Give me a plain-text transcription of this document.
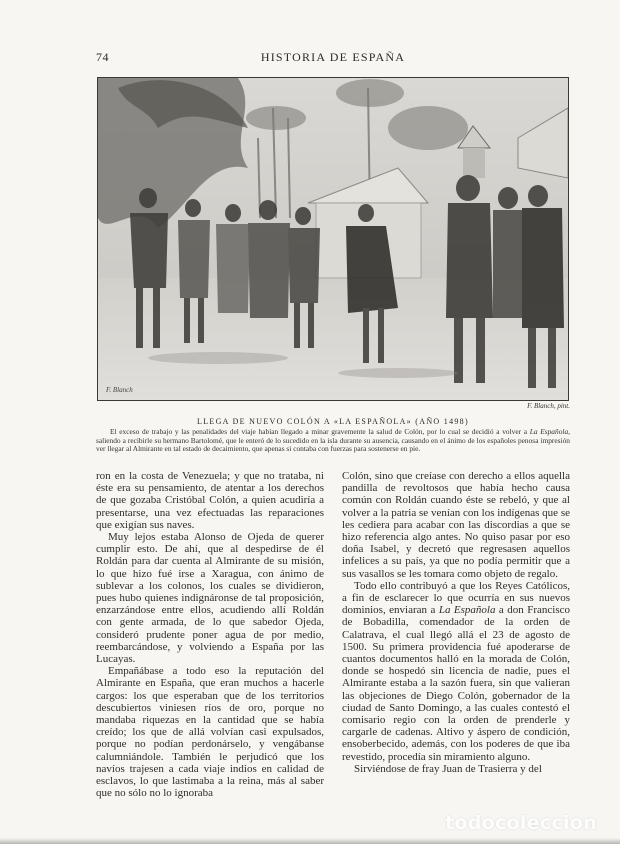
74	HISTORIA DE ESPAÑA
F. Blanch
F. Blanch, pint.
LLEGA DE NUEVO COLÓN A «LA ESPAÑOLA» (AÑO 1498)
El exceso de trabajo y las penalidades del viaje habían llegado a minar gravemente la salud de Colón, por lo cual se decidió a volver a La Española, saliendo a recibirle su hermano Bartolomé, que le enteró de lo sucedido en la isla durante su ausencia, causando en el ánimo de los españoles penosa impresión ver llegar al Almirante en tal estado de decaimiento, que apenas si contaba con fuerzas para sostenerse en pie.

ron en la costa de Venezuela; y que no trataba, ni éste era su pensamiento, de atentar a los derechos de que gozaba Cristóbal Colón, a quien acudiría a presentarse, una vez efectuadas las reparaciones que exigían sus naves.

Muy lejos estaba Alonso de Ojeda de querer cumplir esto. De ahí, que al despedirse de él Roldán para dar cuenta al Almirante de su misión, lo que hizo fué irse a Xaragua, con ánimo de sublevar a los colonos, los cuales se dividieron, pues hubo quienes indignáronse de tal proposición, enzarzándose entre ellos, acudiendo allí Roldán con gente armada, de lo que sabedor Ojeda, consideró prudente poner agua de por medio, reembarcándose, y volviendo a España por las Lucayas.

Empañábase a todo eso la reputación del Almirante en España, que eran muchos a hacerle cargos: los que esperaban que de los territorios descubiertos viniesen ríos de oro, porque no mandaba riquezas en la cantidad que se había creído; los que de allá volvían casi expulsados, porque no podían perdonárselo, y vengábanse calumniándole. También le perjudicó que los navíos trajesen a cada viaje indios en calidad de esclavos, lo que lastimaba a la reina, más al saber que no sólo no lo ignoraba

Colón, sino que creíase con derecho a ellos aquella pandilla de revoltosos que había hecho causa común con Roldán cuando éste se rebeló, y que al volver a la patria se venían con los indígenas que se les cediera para acabar con las discordias a que se hizo referencia algo antes. No quiso pasar por eso doña Isabel, y decretó que regresasen aquellos infelices a su país, ya que no podía permitir que a sus vasallos se les tomara como objeto de regalo.

Todo ello contribuyó a que los Reyes Católicos, a fin de esclarecer lo que ocurría en sus nuevos dominios, enviaran a La Española a don Francisco de Bobadilla, comendador de la orden de Calatrava, el cual llegó allá el 23 de agosto de 1500. Su primera providencia fué apoderarse de cuantos documentos halló en la morada de Colón, donde se hospedó sin licencia de nadie, pues el Almirante estaba a la sazón fuera, sin que valieran las objeciones de Diego Colón, gobernador de la ciudad de Santo Domingo, a las cuales contestó el comisario regio con la orden de prenderle y cargarle de cadenas. Altivo y áspero de condición, ensoberbecido, además, con los poderes de que iba revestido, procedía sin miramiento alguno.

Sirviéndose de fray Juan de Trasierra y del

todocoleccion
